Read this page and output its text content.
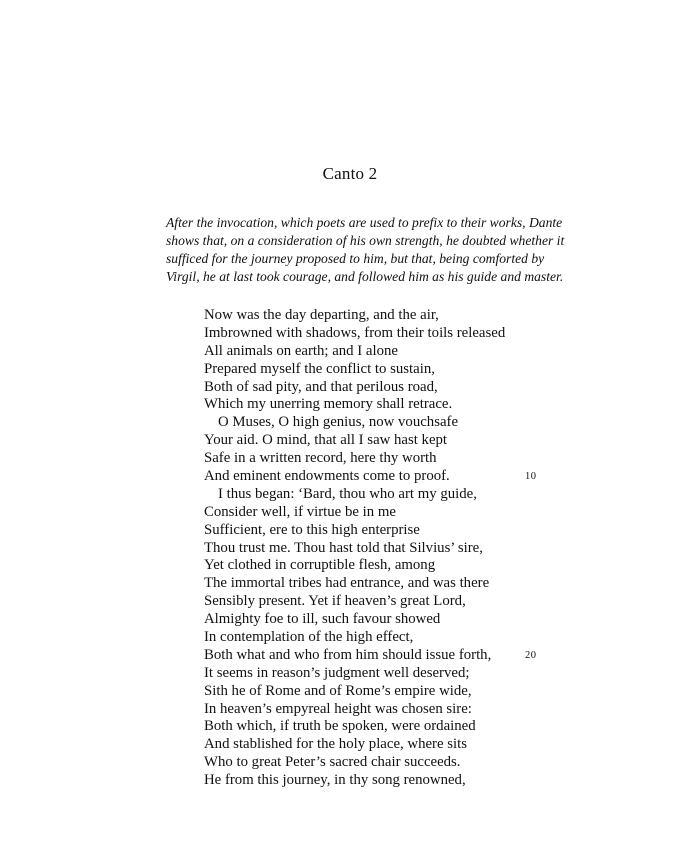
Canto 2
After the invocation, which poets are used to prefix to their works, Dante
shows that, on a consideration of his own strength, he doubted whether it
sufficed for the journey proposed to him, but that, being comforted by
Virgil, he at last took courage, and followed him as his guide and master.
Now was the day departing, and the air,
Imbrowned with shadows, from their toils released
All animals on earth; and I alone
Prepared myself the conflict to sustain,
Both of sad pity, and that perilous road,
Which my unerring memory shall retrace.
O Muses, O high genius, now vouchsafe
Your aid. O mind, that all I saw hast kept
Safe in a written record, here thy worth
And eminent endowments come to proof.	10
I thus began: ‘Bard, thou who art my guide,
Consider well, if virtue be in me
Sufficient, ere to this high enterprise
Thou trust me. Thou hast told that Silvius’ sire,
Yet clothed in corruptible flesh, among
The immortal tribes had entrance, and was there
Sensibly present. Yet if heaven’s great Lord,
Almighty foe to ill, such favour showed
In contemplation of the high effect,
Both what and who from him should issue forth,	20
It seems in reason’s judgment well deserved;
Sith he of Rome and of Rome’s empire wide,
In heaven’s empyreal height was chosen sire:
Both which, if truth be spoken, were ordained
And stablished for the holy place, where sits
Who to great Peter’s sacred chair succeeds.
He from this journey, in thy song renowned,
